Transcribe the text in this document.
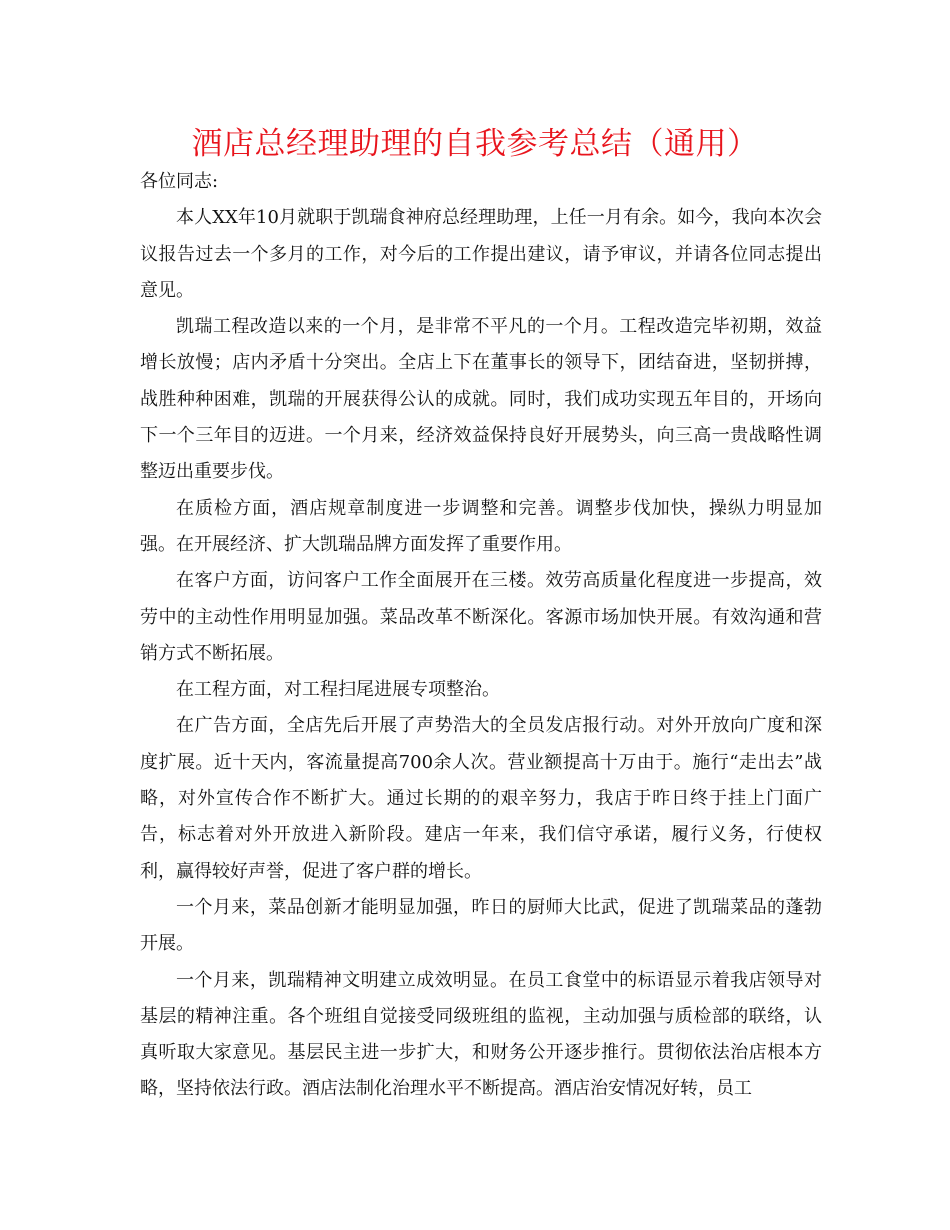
酒店总经理助理的自我参考总结（通用）

各位同志:

本人XX年10月就职于凯瑞食神府总经理助理，上任一月有余。如今，我向本次会议报告过去一个多月的工作，对今后的工作提出建议，请予审议，并请各位同志提出意见。

凯瑞工程改造以来的一个月，是非常不平凡的一个月。工程改造完毕初期，效益增长放慢；店内矛盾十分突出。全店上下在董事长的领导下，团结奋进，坚韧拼搏，战胜种种困难，凯瑞的开展获得公认的成就。同时，我们成功实现五年目的，开场向下一个三年目的迈进。一个月来，经济效益保持良好开展势头，向三高一贵战略性调整迈出重要步伐。

在质检方面，酒店规章制度进一步调整和完善。调整步伐加快，操纵力明显加强。在开展经济、扩大凯瑞品牌方面发挥了重要作用。

在客户方面，访问客户工作全面展开在三楼。效劳高质量化程度进一步提高，效劳中的主动性作用明显加强。菜品改革不断深化。客源市场加快开展。有效沟通和营销方式不断拓展。

在工程方面，对工程扫尾进展专项整治。

在广告方面，全店先后开展了声势浩大的全员发店报行动。对外开放向广度和深度扩展。近十天内，客流量提高700余人次。营业额提高十万由于。施行“走出去”战略，对外宣传合作不断扩大。通过长期的的艰辛努力，我店于昨日终于挂上门面广告，标志着对外开放进入新阶段。建店一年来，我们信守承诺，履行义务，行使权利，赢得较好声誉，促进了客户群的增长。

一个月来，菜品创新才能明显加强，昨日的厨师大比武，促进了凯瑞菜品的蓬勃开展。

一个月来，凯瑞精神文明建立成效明显。在员工食堂中的标语显示着我店领导对基层的精神注重。各个班组自觉接受同级班组的监视，主动加强与质检部的联络，认真听取大家意见。基层民主进一步扩大，和财务公开逐步推行。贯彻依法治店根本方略，坚持依法行政。酒店法制化治理水平不断提高。酒店治安情况好转，员工
